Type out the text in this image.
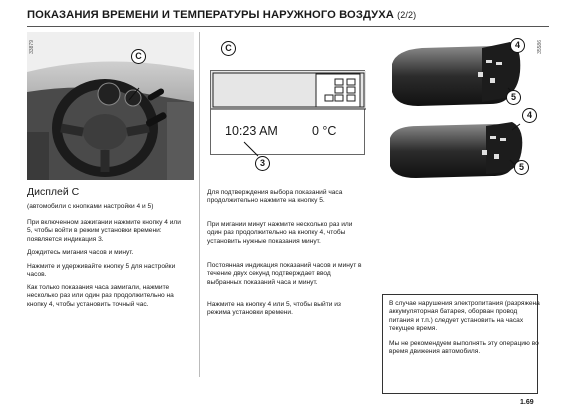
ПОКАЗАНИЯ ВРЕМЕНИ И ТЕМПЕРАТУРЫ НАРУЖНОГО ВОЗДУХА (2/2)
33879
C
C
10:23 AM	0 °C
3
35586
4
5
4
5
Дисплей C
(автомобили с кнопками настройки 4 и 5)
При включенном зажигании нажмите кнопку 4 или 5, чтобы войти в режим установки времени: появляется индикация 3.
Дождитесь мигания часов и минут.
Нажмите и удерживайте кнопку 5 для настройки часов.
Как только показания часа замигали, нажмите несколько раз или один раз продолжительно на кнопку 4, чтобы установить точный час.
Для подтверждения выбора показаний часа продолжительно нажмите на кнопку 5.
При мигании минут нажмите несколько раз или один раз продолжительно на кнопку 4, чтобы установить нужные показания минут.
Постоянная индикация показаний часов и минут в течение двух секунд подтверждает ввод выбранных показаний часа и минут.
Нажмите на кнопку 4 или 5, чтобы выйти из режима установки времени.
В случае нарушения электропитания (разряжена аккумуляторная батарея, оборван провод питания и т.п.) следует установить на часах текущее время.
Мы не рекомендуем выполнять эту операцию во время движения автомобиля.
1.69
